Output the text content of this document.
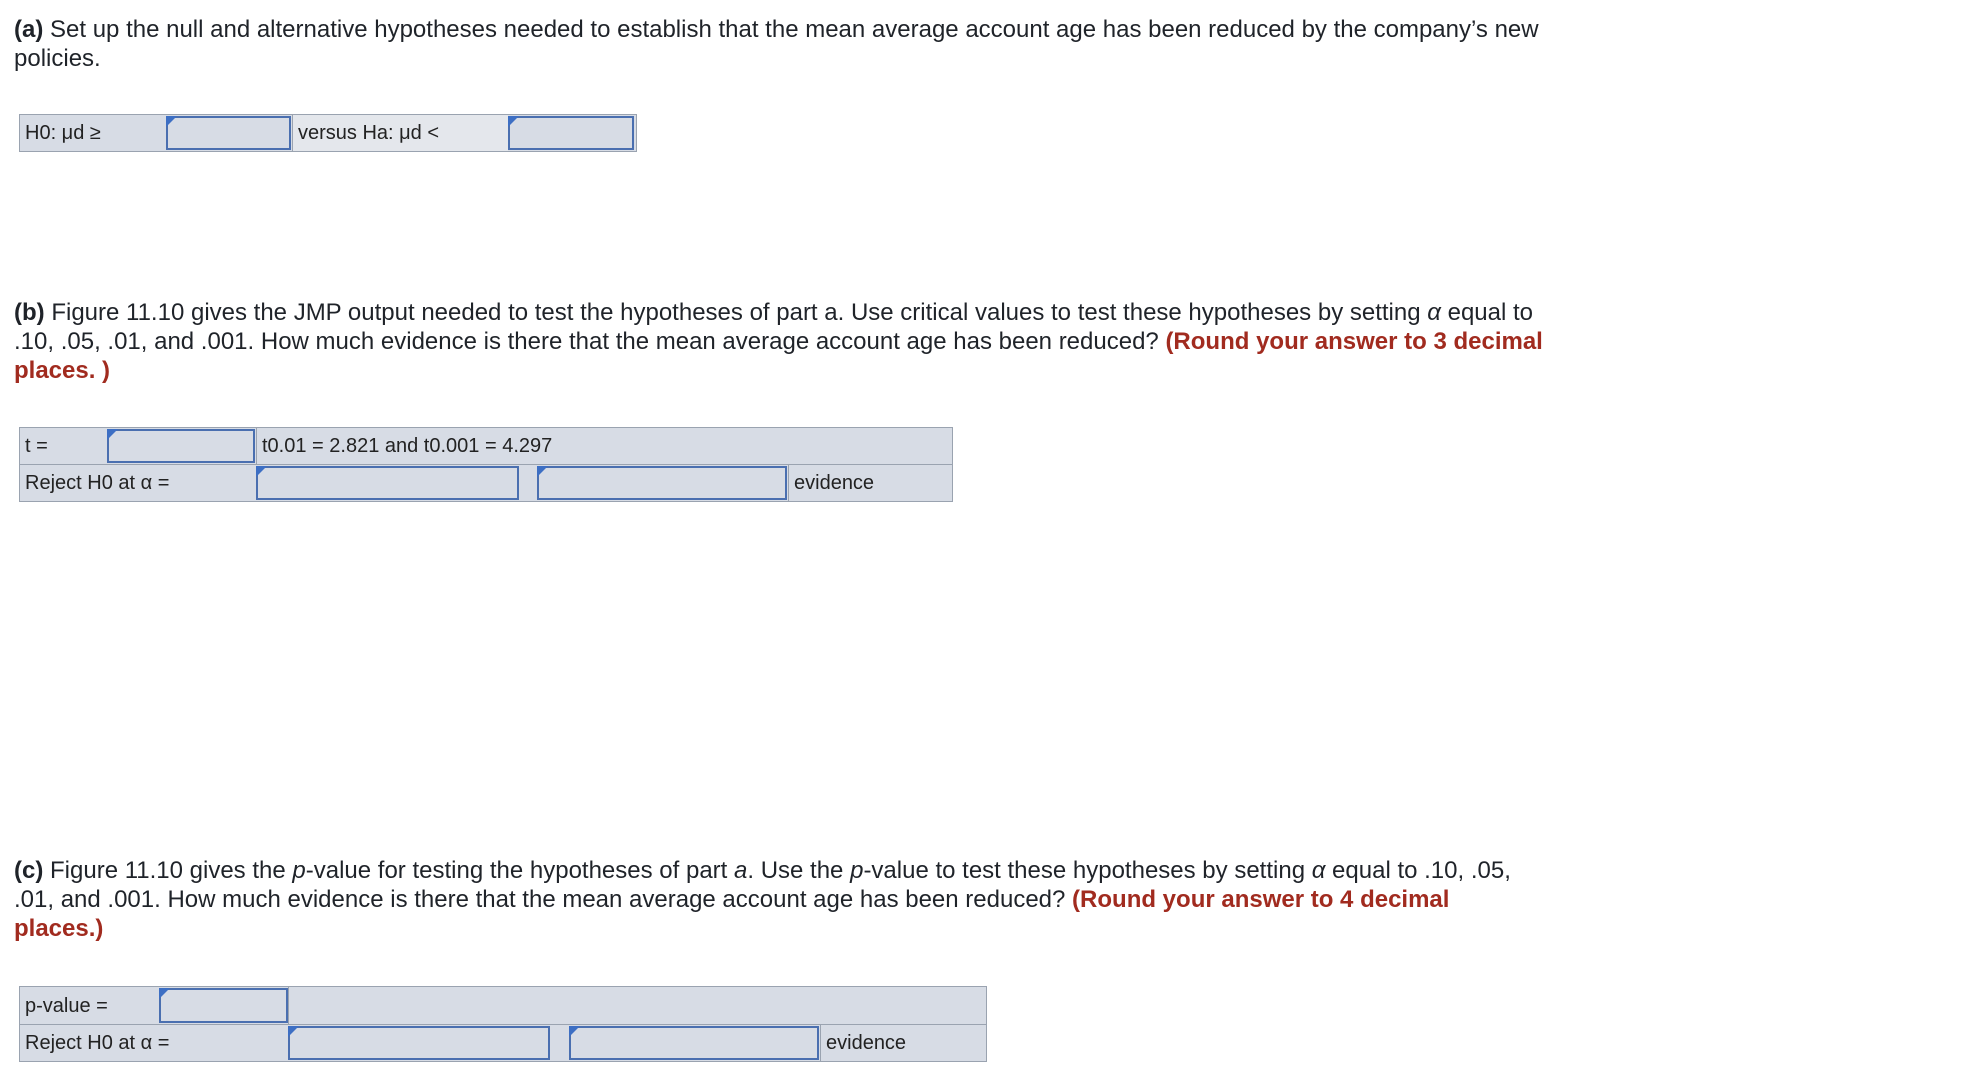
(a) Set up the null and alternative hypotheses needed to establish that the mean average account age has been reduced by the company’s new policies.
H0: μd ≥	versus Ha: μd <
(b) Figure 11.10 gives the JMP output needed to test the hypotheses of part a. Use critical values to test these hypotheses by setting α equal to .10, .05, .01, and .001. How much evidence is there that the mean average account age has been reduced? (Round your answer to 3 decimal places. )
t =	t0.01 = 2.821 and t0.001 = 4.297
Reject H0 at α =	evidence
(c) Figure 11.10 gives the p-value for testing the hypotheses of part a. Use the p-value to test these hypotheses by setting α equal to .10, .05, .01, and .001. How much evidence is there that the mean average account age has been reduced? (Round your answer to 4 decimal places.)
p-value =
Reject H0 at α =	evidence
